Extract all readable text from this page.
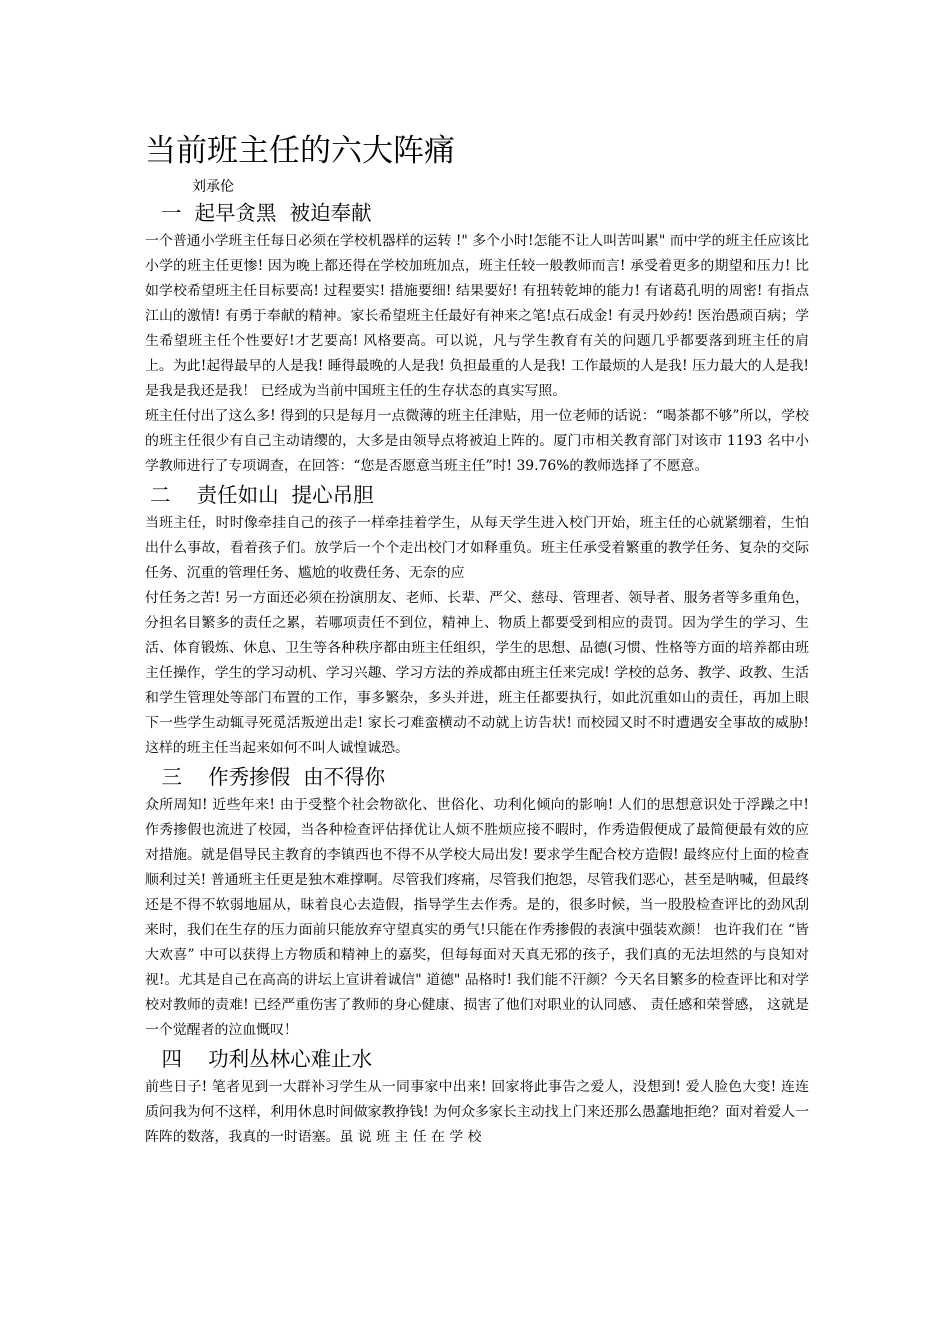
当前班主任的六大阵痛
刘承伦
一  起早贪黑  被迫奉献

一个普通小学班主任每日必须在学校机器样的运转 !" 多个小时!怎能不让人叫苦叫累" 而中学的班主任应该比小学的班主任更惨! 因为晚上都还得在学校加班加点，班主任较一般教师而言! 承受着更多的期望和压力! 比如学校希望班主任目标要高! 过程要实! 措施要细! 结果要好! 有扭转乾坤的能力! 有诸葛孔明的周密! 有指点江山的激情! 有勇于奉献的精神。家长希望班主任最好有神来之笔!点石成金! 有灵丹妙药! 医治愚顽百病；学生希望班主任个性要好!才艺要高! 风格要高。可以说，凡与学生教育有关的问题几乎都要落到班主任的肩上。为此!起得最早的人是我! 睡得最晚的人是我! 负担最重的人是我! 工作最烦的人是我! 压力最大的人是我! 是我是我还是我！ 已经成为当前中国班主任的生存状态的真实写照。

班主任付出了这么多! 得到的只是每月一点微薄的班主任津贴，用一位老师的话说：“喝茶都不够”所以，学校的班主任很少有自己主动请缨的，大多是由领导点将被迫上阵的。厦门市相关教育部门对该市 1193 名中小学教师进行了专项调查，在回答：“您是否愿意当班主任”时! 39.76%的教师选择了不愿意。

二    责任如山  提心吊胆

当班主任，时时像牵挂自己的孩子一样牵挂着学生，从每天学生进入校门开始，班主任的心就紧绷着，生怕出什么事故，看着孩子们。放学后一个个走出校门才如释重负。班主任承受着繁重的教学任务、复杂的交际任务、沉重的管理任务、尴尬的收费任务、无奈的应

付任务之苦! 另一方面还必须在扮演朋友、老师、长辈、严父、慈母、管理者、领导者、服务者等多重角色，分担名目繁多的责任之累，若哪项责任不到位，精神上、物质上都要受到相应的责罚。因为学生的学习、生活、体育锻炼、休息、卫生等各种秩序都由班主任组织，学生的思想、品德(习惯、性格等方面的培养都由班主任操作，学生的学习动机、学习兴趣、学习方法的养成都由班主任来完成! 学校的总务、教学、政教、生活和学生管理处等部门布置的工作，事多繁杂，多头并进，班主任都要执行，如此沉重如山的责任，再加上眼下一些学生动辄寻死觅活叛逆出走! 家长刁难蛮横动不动就上访告状! 而校园又时不时遭遇安全事故的威胁! 这样的班主任当起来如何不叫人诚惶诚恐。

三    作秀掺假  由不得你

众所周知! 近些年来! 由于受整个社会物欲化、世俗化、功利化倾向的影响! 人们的思想意识处于浮躁之中! 作秀掺假也流进了校园，当各种检查评估择优让人烦不胜烦应接不暇时，作秀造假便成了最简便最有效的应对措施。就是倡导民主教育的李镇西也不得不从学校大局出发! 要求学生配合校方造假! 最终应付上面的检查顺利过关! 普通班主任更是独木难撑啊。尽管我们疼痛，尽管我们抱怨，尽管我们恶心，甚至是呐喊，但最终还是不得不软弱地屈从，昧着良心去造假，指导学生去作秀。是的，很多时候，当一股股检查评比的劲风刮来时，我们在生存的压力面前只能放弃守望真实的勇气!只能在作秀掺假的表演中强装欢颜！ 也许我们在 “皆大欢喜” 中可以获得上方物质和精神上的嘉奖，但每每面对天真无邪的孩子，我们真的无法坦然的与良知对视!。尤其是自己在高高的讲坛上宣讲着诚信" 道德" 品格时! 我们能不汗颜？今天名目繁多的检查评比和对学校对教师的责难! 已经严重伤害了教师的身心健康、损害了他们对职业的认同感、 责任感和荣誉感， 这就是一个觉醒者的泣血慨叹！

四    功利丛林心难止水

前些日子! 笔者见到一大群补习学生从一同事家中出来! 回家将此事告之爱人，没想到! 爱人脸色大变! 连连质问我为何不这样，利用休息时间做家教挣钱! 为何众多家长主动找上门来还那么愚蠢地拒绝？面对着爱人一阵阵的数落，我真的一时语塞。虽 说 班 主 任 在 学 校
